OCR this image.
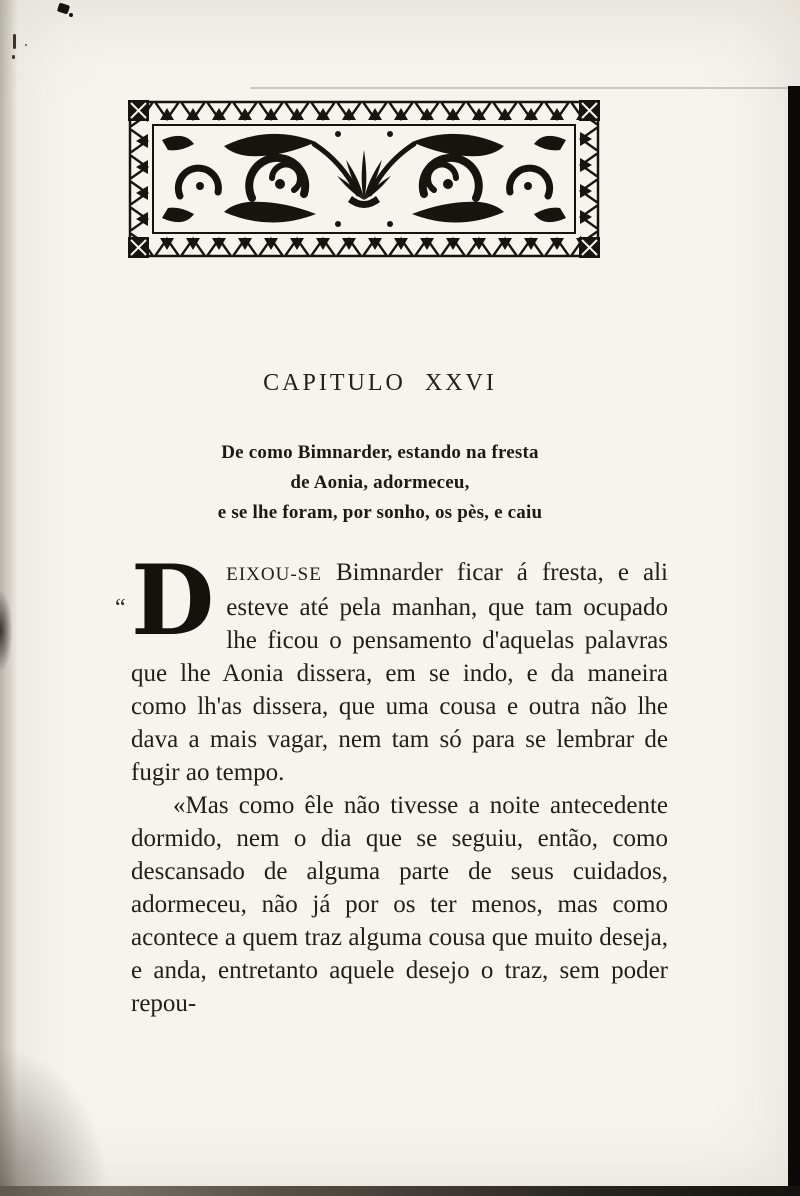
CAPITULO XXVI
De como Bimnarder, estando na fresta
de Aonia, adormeceu,
e se lhe foram, por sonho, os pès, e caiu

“ D EIXOU-SE Bimnarder ficar á fresta, e ali esteve até pela manhan, que tam ocupado lhe ficou o pensamento d'aquelas palavras que lhe Aonia dissera, em se indo, e da maneira como lh'as dissera, que uma cousa e outra não lhe dava a mais vagar, nem tam só para se lembrar de fugir ao tempo.

«Mas como êle não tivesse a noite antecedente dormido, nem o dia que se seguiu, então, como descansado de alguma parte de seus cuidados, adormeceu, não já por os ter menos, mas como acontece a quem traz alguma cousa que muito deseja, e anda, entretanto aquele desejo o traz, sem poder repou-
